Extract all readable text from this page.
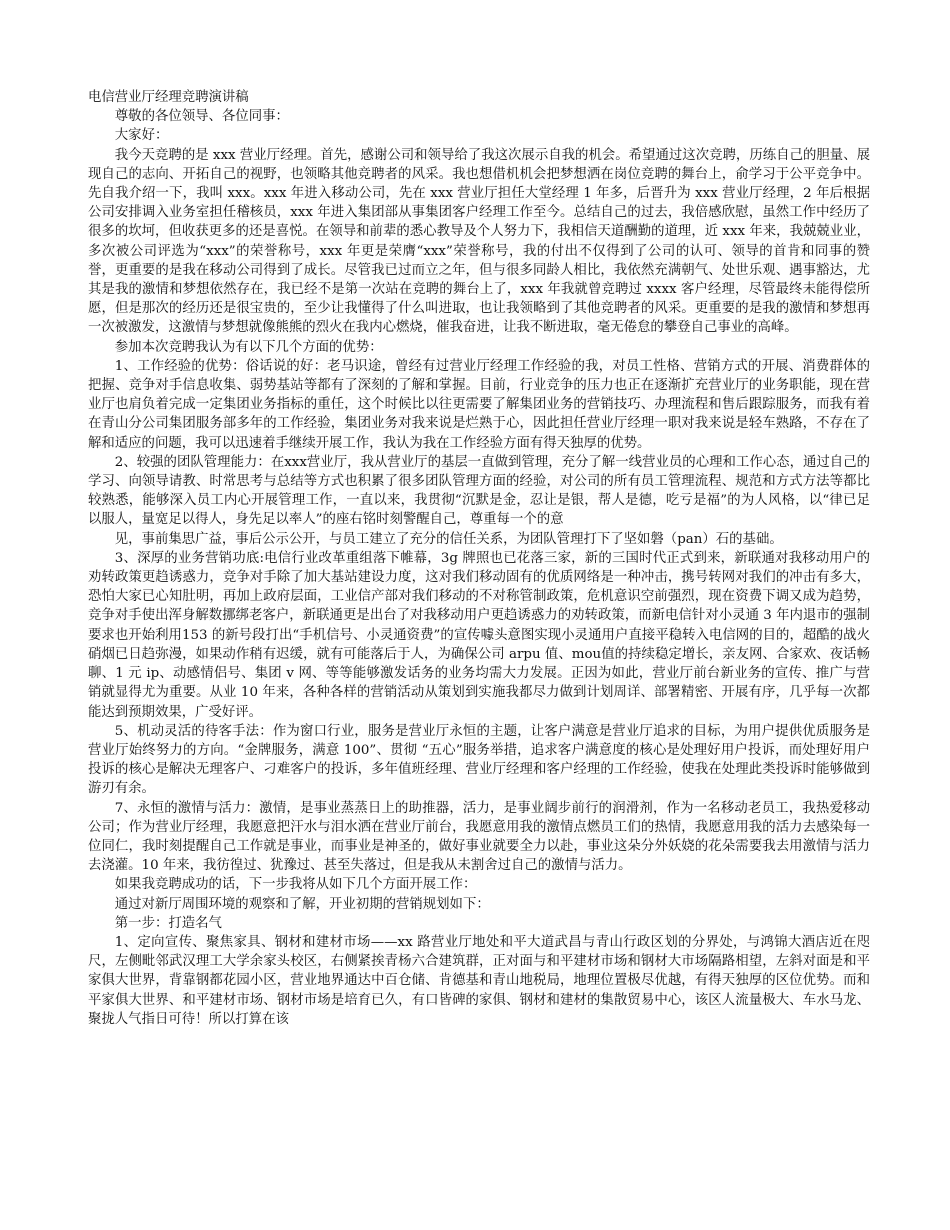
电信营业厅经理竞聘演讲稿

尊敬的各位领导、各位同事：

大家好：

我今天竞聘的是 xxx 营业厅经理。首先，感谢公司和领导给了我这次展示自我的机会。希望通过这次竞聘，历练自己的胆量、展现自己的志向、开拓自己的视野，也领略其他竞聘者的风采。我也想借机机会把梦想洒在岗位竞聘的舞台上，俞学习于公平竞争中。 先自我介绍一下，我叫 xxx。xxx 年进入移动公司，先在 xxx 营业厅担任大堂经理 1 年多，后晋升为 xxx 营业厅经理，2 年后根据公司安排调入业务室担任稽核员，xxx 年进入集团部从事集团客户经理工作至今。总结自己的过去，我倍感欣慰，虽然工作中经历了很多的坎坷，但收获更多的还是喜悦。在领导和前辈的悉心教导及个人努力下，我相信天道酬勤的道理，近 xxx 年来，我兢兢业业，多次被公司评选为“xxx”的荣誉称号，xxx 年更是荣膺“xxx”荣誉称号，我的付出不仅得到了公司的认可、领导的首肯和同事的赞誉，更重要的是我在移动公司得到了成长。尽管我已过而立之年，但与很多同龄人相比，我依然充满朝气、处世乐观、遇事豁达，尤其是我的激情和梦想依然存在，我已经不是第一次站在竞聘的舞台上了，xxx 年我就曾竞聘过 xxxx 客户经理，尽管最终未能得偿所愿，但是那次的经历还是很宝贵的，至少让我懂得了什么叫进取，也让我领略到了其他竞聘者的风采。更重要的是我的激情和梦想再一次被激发，这激情与梦想就像熊熊的烈火在我内心燃烧，催我奋进，让我不断进取，毫无倦怠的攀登自己事业的高峰。

参加本次竞聘我认为有以下几个方面的优势：

1、工作经验的优势：俗话说的好：老马识途，曾经有过营业厅经理工作经验的我，对员工性格、营销方式的开展、消费群体的把握、竞争对手信息收集、弱势基站等都有了深刻的了解和掌握。目前，行业竞争的压力也正在逐渐扩充营业厅的业务职能，现在营业厅也肩负着完成一定集团业务指标的重任，这个时候比以往更需要了解集团业务的营销技巧、办理流程和售后跟踪服务，而我有着在青山分公司集团服务部多年的工作经验，集团业务对我来说是烂熟于心，因此担任营业厅经理一职对我来说是轻车熟路，不存在了解和适应的问题，我可以迅速着手继续开展工作，我认为我在工作经验方面有得天独厚的优势。

2、较强的团队管理能力：在xxx营业厅，我从营业厅的基层一直做到管理，充分了解一线营业员的心理和工作心态，通过自己的学习、向领导请教、时常思考与总结等方式也积累了很多团队管理方面的经验，对公司的所有员工管理流程、规范和方式方法等都比较熟悉，能够深入员工内心开展管理工作，一直以来，我贯彻“沉默是金，忍让是银，帮人是德，吃亏是福”的为人风格，以“律已足以服人，量宽足以得人，身先足以率人”的座右铭时刻警醒自己，尊重每一个的意

见，事前集思广益，事后公示公开，与员工建立了充分的信任关系，为团队管理打下了坚如磐（pan）石的基础。

3、深厚的业务营销功底:电信行业改革重组落下帷幕，3g 牌照也已花落三家，新的三国时代正式到来，新联通对我移动用户的劝转政策更趋诱惑力，竞争对手除了加大基站建设力度，这对我们移动固有的优质网络是一种冲击，携号转网对我们的冲击有多大，恐怕大家已心知肚明，再加上政府层面，工业信产部对我们移动的不对称管制政策，危机意识空前强烈，现在资费下调又成为趋势，竞争对手使出浑身解数挪绑老客户，新联通更是出台了对我移动用户更趋诱惑力的劝转政策，而新电信针对小灵通 3 年内退市的强制要求也开始利用153 的新号段打出“手机信号、小灵通资费”的宣传噱头意图实现小灵通用户直接平稳转入电信网的目的，超酷的战火硝烟已日趋弥漫，如果动作稍有迟缓，就有可能落后于人，为确保公司 arpu 值、mou值的持续稳定增长，亲友网、合家欢、夜话畅聊、1 元 ip、动感情侣号、集团 v 网、等等能够激发话务的业务均需大力发展。正因为如此，营业厅前台新业务的宣传、推广与营销就显得尤为重要。从业 10 年来，各种各样的营销活动从策划到实施我都尽力做到计划周详、部署精密、开展有序，几乎每一次都能达到预期效果，广受好评。

5、机动灵活的待客手法：作为窗口行业，服务是营业厅永恒的主题，让客户满意是营业厅追求的目标，为用户提供优质服务是营业厅始终努力的方向。“金牌服务，满意 100”、贯彻 “五心”服务举措，追求客户满意度的核心是处理好用户投诉，而处理好用户投诉的核心是解决无理客户、刁难客户的投诉，多年值班经理、营业厅经理和客户经理的工作经验，使我在处理此类投诉时能够做到游刃有余。

7、永恒的激情与活力：激情，是事业蒸蒸日上的助推器，活力，是事业阔步前行的润滑剂，作为一名移动老员工，我热爱移动公司；作为营业厅经理，我愿意把汗水与泪水洒在营业厅前台，我愿意用我的激情点燃员工们的热情，我愿意用我的活力去感染每一位同仁，我时刻提醒自己工作就是事业，而事业是神圣的，做好事业就要全力以赴，事业这朵分外妖娆的花朵需要我去用激情与活力去浇灌。10 年来，我彷徨过、犹豫过、甚至失落过，但是我从未割舍过自己的激情与活力。

如果我竞聘成功的话，下一步我将从如下几个方面开展工作：

通过对新厅周围环境的观察和了解，开业初期的营销规划如下：

第一步：打造名气

1、定向宣传、聚焦家具、钢材和建材市场——xx 路营业厅地处和平大道武昌与青山行政区划的分界处，与鸿锦大酒店近在咫尺，左侧毗邻武汉理工大学余家头校区，右侧紧挨青杨六合建筑群，正对面与和平建材市场和钢材大市场隔路相望，左斜对面是和平家俱大世界，背靠钢都花园小区，营业地界通达中百仓储、肯德基和青山地税局，地理位置极尽优越，有得天独厚的区位优势。而和平家俱大世界、和平建材市场、钢材市场是培育已久，有口皆碑的家俱、钢材和建材的集散贸易中心，该区人流量极大、车水马龙、聚拢人气指日可待！所以打算在该
